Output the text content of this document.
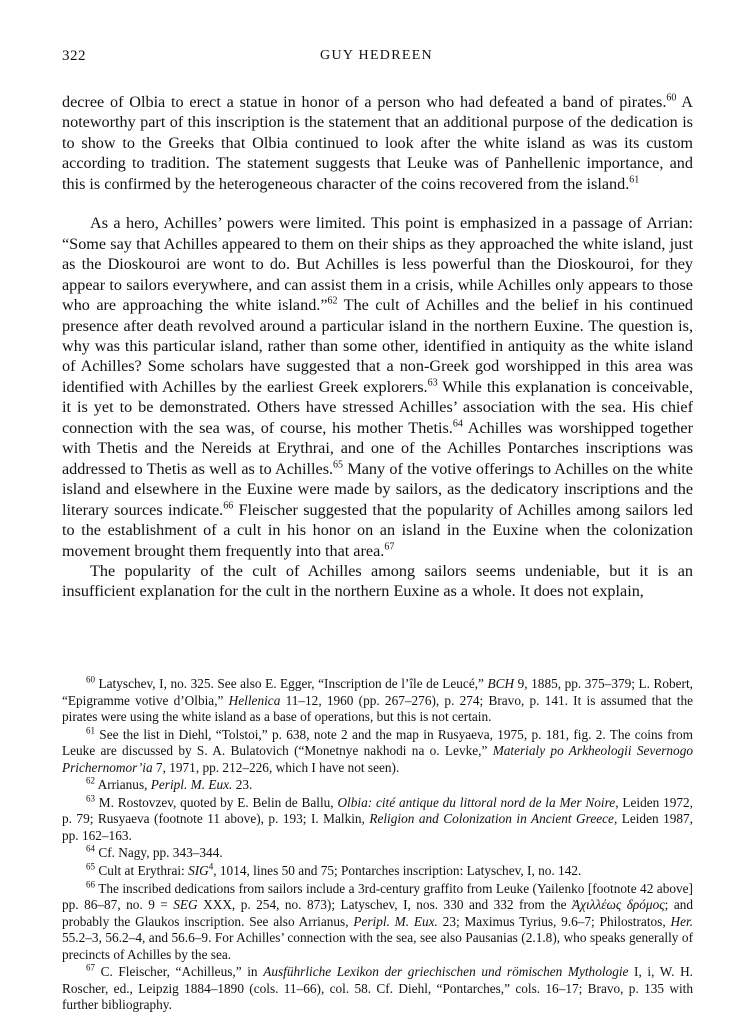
322	GUY HEDREEN

decree of Olbia to erect a statue in honor of a person who had defeated a band of pirates.$^{60}$ A noteworthy part of this inscription is the statement that an additional purpose of the dedication is to show to the Greeks that Olbia continued to look after the white island as was its custom according to tradition. The statement suggests that Leuke was of Panhellenic importance, and this is confirmed by the heterogeneous character of the coins recovered from the island.$^{61}$

As a hero, Achilles’ powers were limited. This point is emphasized in a passage of Arrian: “Some say that Achilles appeared to them on their ships as they approached the white island, just as the Dioskouroi are wont to do. But Achilles is less powerful than the Dioskouroi, for they appear to sailors everywhere, and can assist them in a crisis, while Achilles only appears to those who are approaching the white island.”$^{62}$ The cult of Achilles and the belief in his continued presence after death revolved around a particular island in the northern Euxine. The question is, why was this particular island, rather than some other, identified in antiquity as the white island of Achilles? Some scholars have suggested that a non-Greek god worshipped in this area was identified with Achilles by the earliest Greek explorers.$^{63}$ While this explanation is conceivable, it is yet to be demonstrated. Others have stressed Achilles’ association with the sea. His chief connection with the sea was, of course, his mother Thetis.$^{64}$ Achilles was worshipped together with Thetis and the Nereids at Erythrai, and one of the Achilles Pontarches inscriptions was addressed to Thetis as well as to Achilles.$^{65}$ Many of the votive offerings to Achilles on the white island and elsewhere in the Euxine were made by sailors, as the dedicatory inscriptions and the literary sources indicate.$^{66}$ Fleischer suggested that the popularity of Achilles among sailors led to the establishment of a cult in his honor on an island in the Euxine when the colonization movement brought them frequently into that area.$^{67}$

The popularity of the cult of Achilles among sailors seems undeniable, but it is an insufficient explanation for the cult in the northern Euxine as a whole. It does not explain,

$^{60}$ Latyschev, I, no. 325. See also E. Egger, “Inscription de l’île de Leucé,” BCH 9, 1885, pp. 375–379; L. Robert, “Epigramme votive d’Olbia,” Hellenica 11–12, 1960 (pp. 267–276), p. 274; Bravo, p. 141. It is assumed that the pirates were using the white island as a base of operations, but this is not certain.

$^{61}$ See the list in Diehl, “Tolstoi,” p. 638, note 2 and the map in Rusyaeva, 1975, p. 181, fig. 2. The coins from Leuke are discussed by S. A. Bulatovich (“Monetnye nakhodi na o. Levke,” Materialy po Arkheologii Severnogo Prichernomor’ia 7, 1971, pp. 212–226, which I have not seen).

$^{62}$ Arrianus, Peripl. M. Eux. 23.

$^{63}$ M. Rostovzev, quoted by E. Belin de Ballu, Olbia: cité antique du littoral nord de la Mer Noire, Leiden 1972, p. 79; Rusyaeva (footnote 11 above), p. 193; I. Malkin, Religion and Colonization in Ancient Greece, Leiden 1987, pp. 162–163.

$^{64}$ Cf. Nagy, pp. 343–344.

$^{65}$ Cult at Erythrai: SIG$^4$, 1014, lines 50 and 75; Pontarches inscription: Latyschev, I, no. 142.

$^{66}$ The inscribed dedications from sailors include a 3rd-century graffito from Leuke (Yailenko [footnote 42 above] pp. 86–87, no. 9 = SEG XXX, p. 254, no. 873); Latyschev, I, nos. 330 and 332 from the Ἀχιλλέως δρόμος; and probably the Glaukos inscription. See also Arrianus, Peripl. M. Eux. 23; Maximus Tyrius, 9.6–7; Philostratos, Her. 55.2–3, 56.2–4, and 56.6–9. For Achilles’ connection with the sea, see also Pausanias (2.1.8), who speaks generally of precincts of Achilles by the sea.

$^{67}$ C. Fleischer, “Achilleus,” in Ausführliche Lexikon der griechischen und römischen Mythologie I, i, W. H. Roscher, ed., Leipzig 1884–1890 (cols. 11–66), col. 58. Cf. Diehl, “Pontarches,” cols. 16–17; Bravo, p. 135 with further bibliography.
